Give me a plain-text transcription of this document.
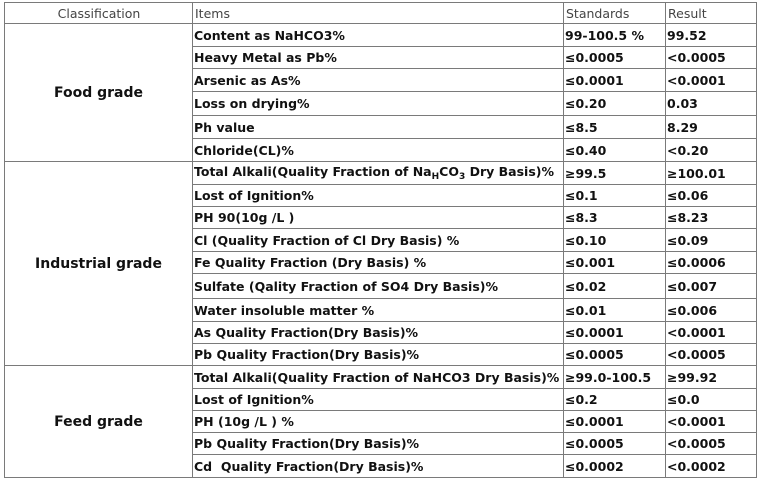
Classification	Items	Standards	Result
Food grade	Content as NaHCO3%	99-100.5 %	99.52
	Heavy Metal as Pb%	≤0.0005	<0.0005
	Arsenic as As%	≤0.0001	<0.0001
	Loss on drying%	≤0.20	0.03
	Ph value	≤8.5	8.29
	Chloride(CL)%	≤0.40	<0.20
Industrial grade	Total Alkali(Quality Fraction of $Na_HCO_3$ Dry Basis)%	≥99.5	≥100.01
	Lost of Ignition%	≤0.1	≤0.06
	PH 90(10g /L )	≤8.3	≤8.23
	Cl (Quality Fraction of Cl Dry Basis) %	≤0.10	≤0.09
	Fe Quality Fraction (Dry Basis) %	≤0.001	≤0.0006
	Sulfate (Qality Fraction of SO4 Dry Basis)%	≤0.02	≤0.007
	Water insoluble matter %	≤0.01	≤0.006
	As Quality Fraction(Dry Basis)%	≤0.0001	<0.0001
	Pb Quality Fraction(Dry Basis)%	≤0.0005	<0.0005
Feed grade	Total Alkali(Quality Fraction of NaHCO3 Dry Basis)%	≥99.0-100.5	≥99.92
	Lost of Ignition%	≤0.2	≤0.0
	PH (10g /L ) %	≤0.0001	<0.0001
	Pb Quality Fraction(Dry Basis)%	≤0.0005	<0.0005
	Cd  Quality Fraction(Dry Basis)%	≤0.0002	<0.0002
